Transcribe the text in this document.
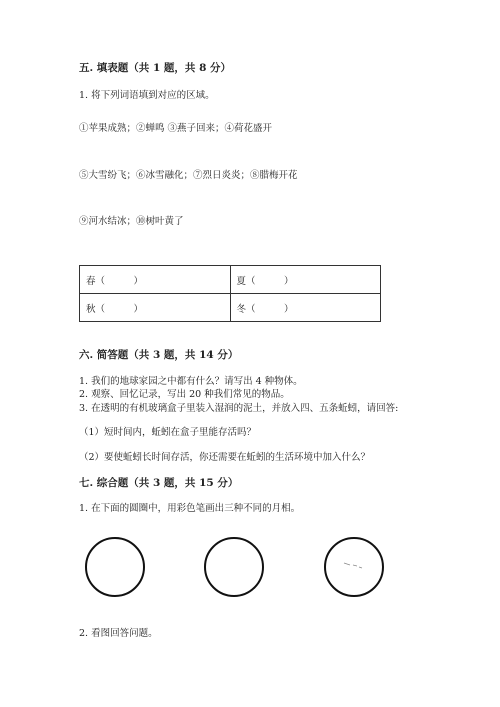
五. 填表题（共 1 题，共 8 分）
1. 将下列词语填到对应的区域。
①苹果成熟；②蝉鸣 ③燕子回来；④荷花盛开
⑤大雪纷飞；⑥冰雪融化；⑦烈日炎炎；⑧腊梅开花
⑨河水结冰；⑩树叶黄了
春（　　　）	夏（　　　）
秋（　　　）	冬（　　　）
六. 简答题（共 3 题，共 14 分）
1. 我们的地球家园之中都有什么？请写出 4 种物体。
2. 观察、回忆记录，写出 20 种我们常见的物品。
3. 在透明的有机玻璃盒子里装入湿润的泥土，并放入四、五条蚯蚓，请回答:
（1）短时间内，蚯蚓在盒子里能存活吗？
（2）要使蚯蚓长时间存活，你还需要在蚯蚓的生活环境中加入什么？
七. 综合题（共 3 题，共 15 分）
1. 在下面的圆圈中，用彩色笔画出三种不同的月相。
2. 看图回答问题。
